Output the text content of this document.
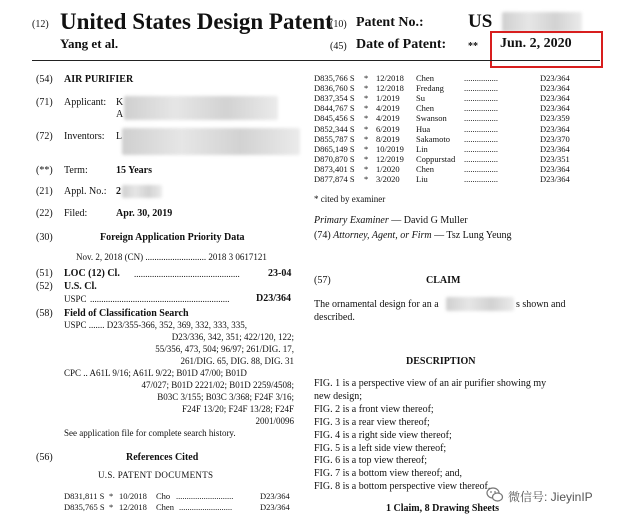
(12) United States Design Patent
Yang et al.
(10) Patent No.: US
(45) Date of Patent: ** Jun. 2, 2020
(54) AIR PURIFIER
(71) Applicant: K
A
(72) Inventors: L
(**) Term:	15 Years
(21) Appl. No.: 2
(22) Filed:	Apr. 30, 2019
(30)	Foreign Application Priority Data
Nov. 2, 2018 (CN) ........................... 2018 3 0617121
(51) LOC (12) Cl. ...............................................	23-04
(52) U.S. Cl.
USPC ..............................................................	D23/364
(58) Field of Classification Search
USPC ....... D23/355-366, 352, 369, 332, 333, 335,
D23/336, 342, 351; 422/120, 122;
55/356, 473, 504; 96/97; 261/DIG. 17,
261/DIG. 65, DIG. 88, DIG. 31
CPC .. A61L 9/16; A61L 9/22; B01D 47/00; B01D
47/027; B01D 2221/02; B01D 2259/4508;
B03C 3/155; B03C 3/368; F24F 3/16;
F24F 13/20; F24F 13/28; F24F
2001/0096
See application file for complete search history.
(56)	References Cited
U.S. PATENT DOCUMENTS
D831,811 S * 10/2018 Cho ...........................	D23/364
D835,765 S * 12/2018 Chen .........................	D23/364
D835,766 S * 12/2018 Chen	................	D23/364
D836,760 S * 12/2018 Fredang ................	D23/364
D837,354 S * 1/2019 Su	................	D23/364
D844,767 S * 4/2019 Chen	................	D23/364
D845,456 S * 4/2019 Swanson ................	D23/359
D852,344 S * 6/2019 Hua	................	D23/364
D855,787 S * 8/2019 Sakamoto ................	D23/370
D865,149 S * 10/2019 Lin	................	D23/364
D870,870 S * 12/2019 Coppurstad ................	D23/351
D873,401 S * 1/2020 Chen	................	D23/364
D877,874 S * 3/2020 Liu	................	D23/364
* cited by examiner
Primary Examiner — David G Muller
(74) Attorney, Agent, or Firm — Tsz Lung Yeung
(57)	CLAIM
The ornamental design for an a	s shown and
described.
DESCRIPTION
FIG. 1 is a perspective view of an air purifier showing my
new design;
FIG. 2 is a front view thereof;
FIG. 3 is a rear view thereof;
FIG. 4 is a right side view thereof;
FIG. 5 is a left side view thereof;
FIG. 6 is a top view thereof;
FIG. 7 is a bottom view thereof; and,
FIG. 8 is a bottom perspective view thereof.
1 Claim, 8 Drawing Sheets
微信号: JieyinIP
